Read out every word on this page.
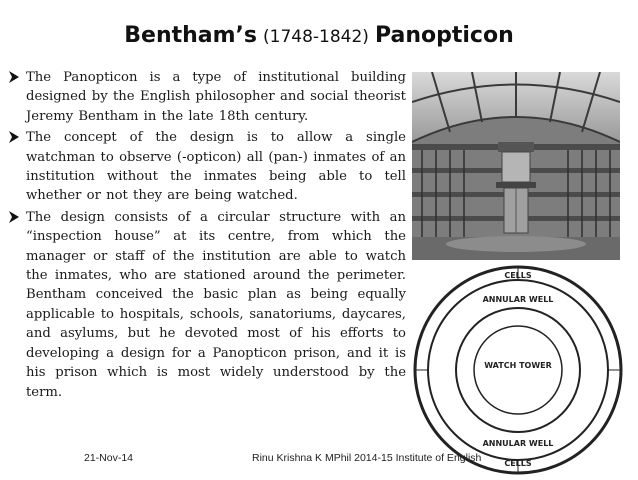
Bentham’s (1748-1842) Panopticon
The Panopticon is a type of institutional building designed by the English philosopher and social theorist Jeremy Bentham in the late 18th century.
The concept of the design is to allow a single watchman to observe (-opticon) all (pan-) inmates of an institution without the inmates being able to tell whether or not they are being watched.
The design consists of a circular structure with an “inspection house” at its centre, from which the manager or staff of the institution are able to watch the inmates, who are stationed around the perimeter. Bentham conceived the basic plan as being equally applicable to hospitals, schools, sanatoriums, daycares, and asylums, but he devoted most of his efforts to developing a design for a Panopticon prison, and it is his prison which is most widely understood by the term.
CELLS
CELLS
ANNULAR WELL
ANNULAR WELL
WATCH TOWER
21-Nov-14	Rinu Krishna K MPhil 2014-15 Institute of English
